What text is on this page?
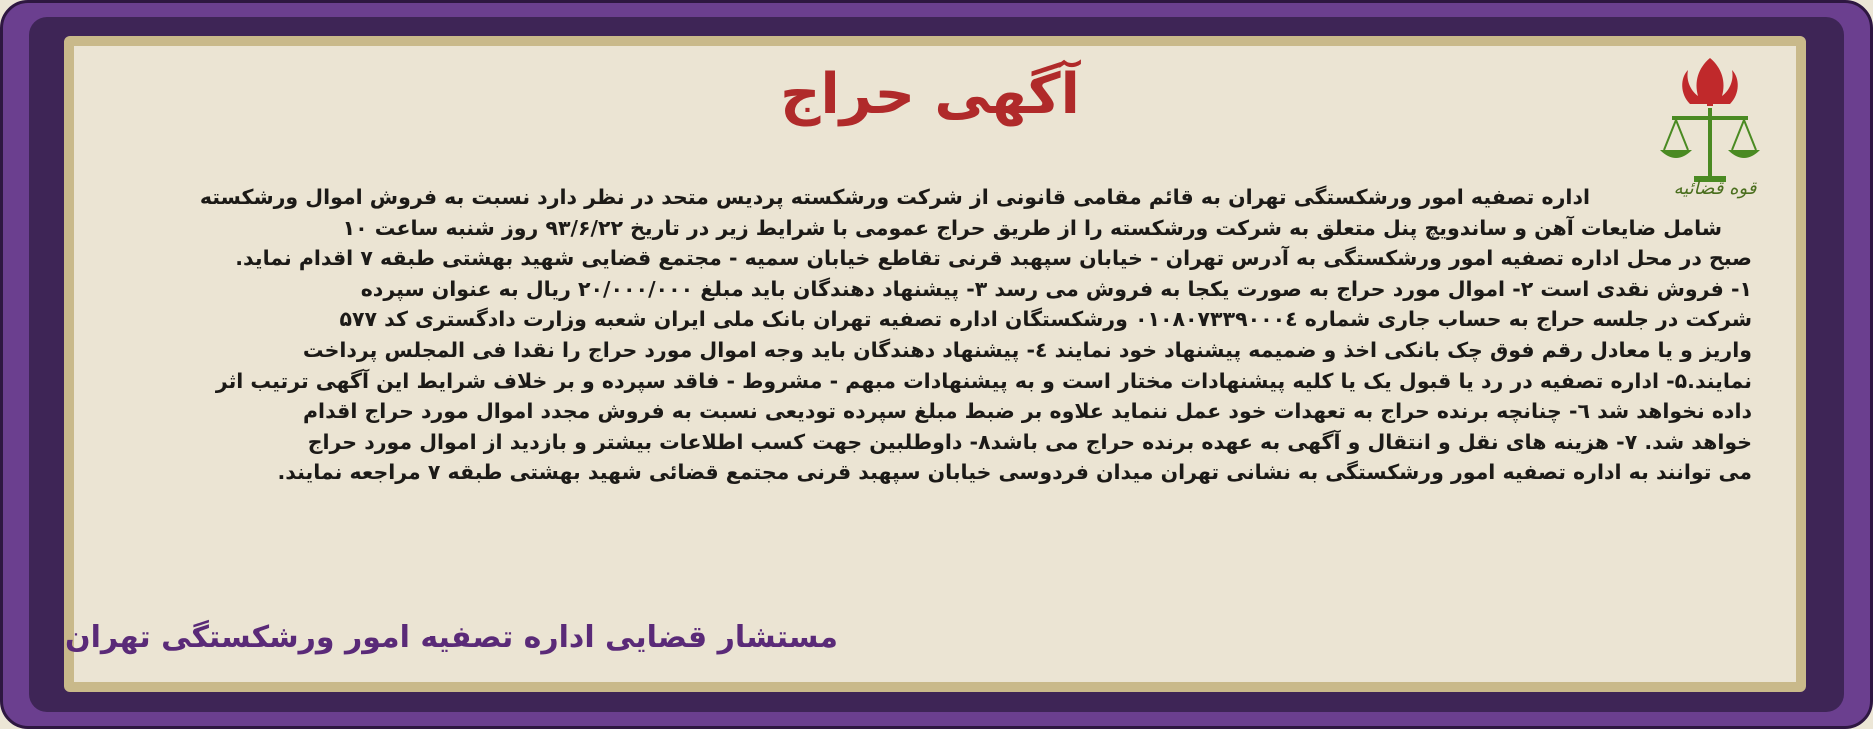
قوه قضائیه
آگهی حراج
اداره تصفیه امور ورشکستگی تهران به قائم مقامی قانونی از شرکت ورشکسته پردیس متحد در نظر دارد نسبت به فروش اموال ورشکسته
شامل ضایعات آهن و ساندویچ پنل متعلق به شرکت ورشکسته را از طریق حراج عمومی با شرایط زیر در تاریخ ۹۳/۶/۲۲ روز شنبه ساعت ۱۰
صبح در محل اداره تصفیه امور ورشکستگی به آدرس تهران - خیابان سپهبد قرنی تقاطع خیابان سمیه - مجتمع قضایی شهید بهشتی طبقه ۷ اقدام نماید.
۱- فروش نقدی است ۲- اموال مورد حراج به صورت یکجا به فروش می رسد ۳- پیشنهاد دهندگان باید مبلغ ۲۰/۰۰۰/۰۰۰ ریال به عنوان سپرده
شرکت در جلسه حراج به حساب جاری شماره ۰۱۰۸۰۷۳۳۹۰۰۰٤ ورشکستگان اداره تصفیه تهران بانک ملی ایران شعبه وزارت دادگستری کد ۵۷۷
واریز و یا معادل رقم فوق چک بانکی اخذ و ضمیمه پیشنهاد خود نمایند ٤- پیشنهاد دهندگان باید وجه اموال مورد حراج را نقدا فی المجلس پرداخت
نمایند.۵- اداره تصفیه در رد یا قبول یک یا کلیه پیشنهادات مختار است و به پیشنهادات مبهم - مشروط - فاقد سپرده و بر خلاف شرایط این آگهی ترتیب اثر
داده نخواهد شد ٦- چنانچه برنده حراج به تعهدات خود عمل ننماید علاوه بر ضبط مبلغ سپرده تودیعی نسبت به فروش مجدد اموال مورد حراج اقدام
خواهد شد. ۷- هزینه های نقل و انتقال و آگهی به عهده برنده حراج می باشد۸- داوطلبین جهت کسب اطلاعات بیشتر و بازدید از اموال مورد حراج
می توانند به اداره تصفیه امور ورشکستگی به نشانی تهران میدان فردوسی خیابان سپهبد قرنی مجتمع قضائی شهید بهشتی طبقه ۷ مراجعه نمایند.
مستشار قضایی اداره تصفیه امور ورشکستگی تهران
